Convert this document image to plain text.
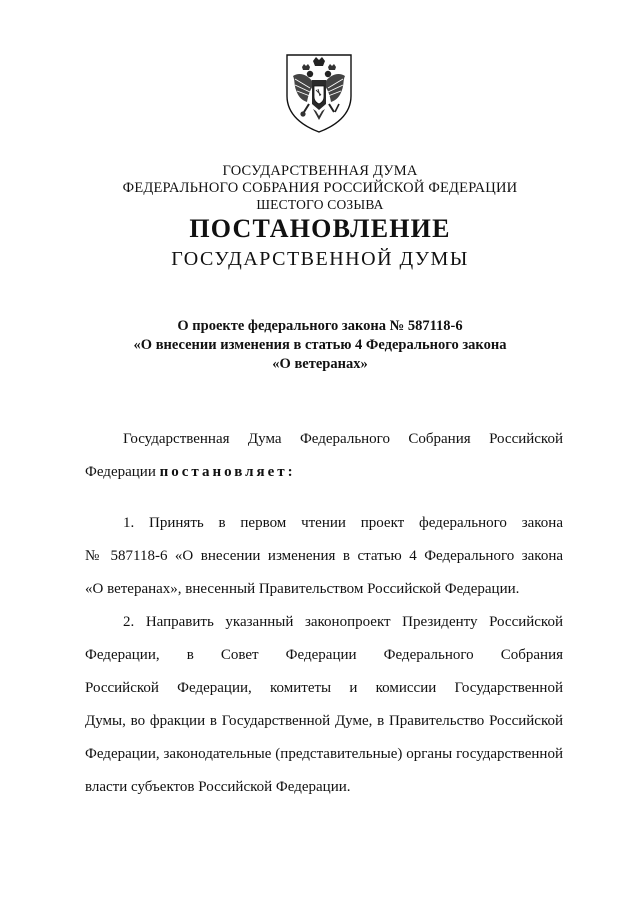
ГОСУДАРСТВЕННАЯ ДУМА
ФЕДЕРАЛЬНОГО СОБРАНИЯ РОССИЙСКОЙ ФЕДЕРАЦИИ
ШЕСТОГО СОЗЫВА
ПОСТАНОВЛЕНИЕ
ГОСУДАРСТВЕННОЙ ДУМЫ
О проекте федерального закона № 587118-6
«О внесении изменения в статью 4 Федерального закона
«О ветеранах»
Государственная Дума Федерального Собрания Российской
Федерации постановляет:
1. Принять в первом чтении проект федерального закона
№ 587118-6 «О внесении изменения в статью 4 Федерального закона
«О ветеранах», внесенный Правительством Российской Федерации.
2. Направить указанный законопроект Президенту Российской
Федерации, в Совет Федерации Федерального Собрания
Российской Федерации, комитеты и комиссии Государственной
Думы, во фракции в Государственной Думе, в Правительство Российской
Федерации, законодательные (представительные) органы государственной
власти субъектов Российской Федерации.
